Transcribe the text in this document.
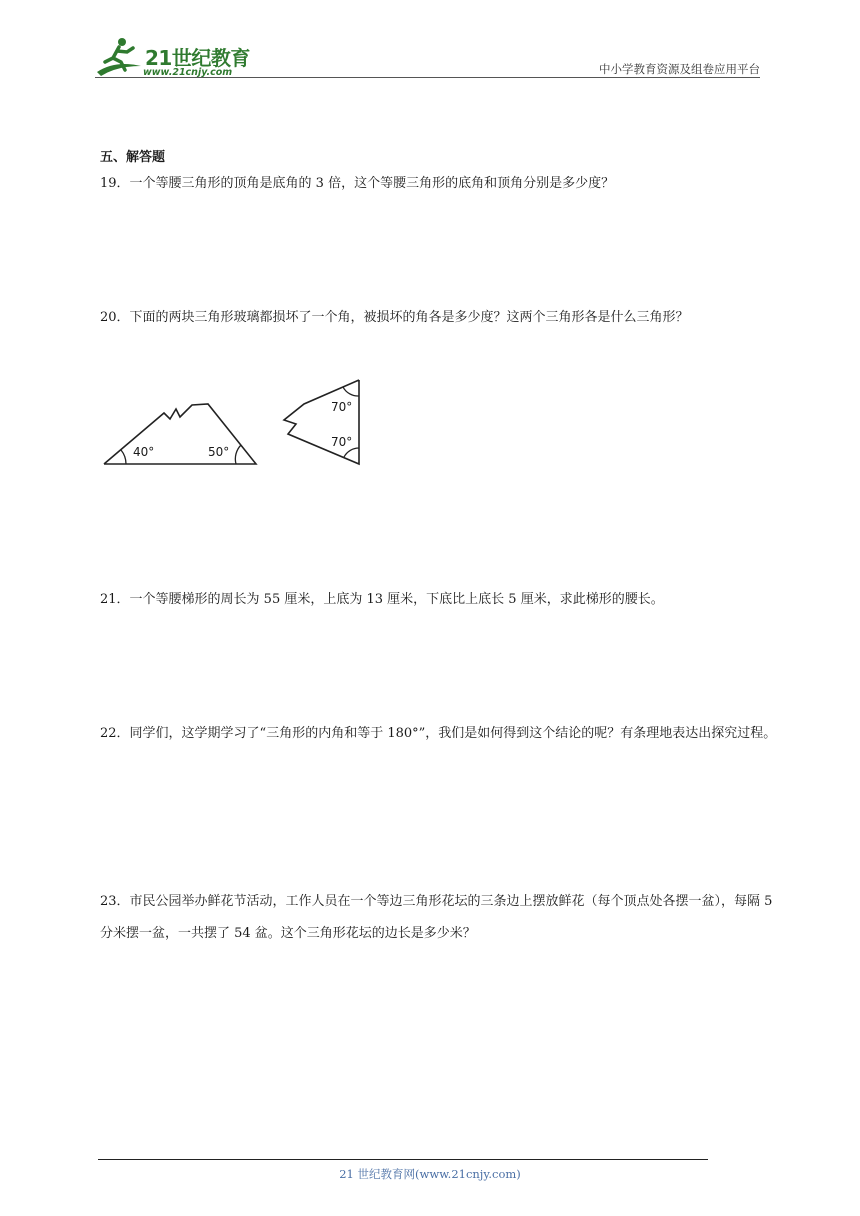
21世纪教育
www.21cnjy.com	中小学教育资源及组卷应用平台
五、解答题
19．一个等腰三角形的顶角是底角的 3 倍，这个等腰三角形的底角和顶角分别是多少度？
20．下面的两块三角形玻璃都损坏了一个角，被损坏的角各是多少度？这两个三角形各是什么三角形？
40°	50°
70°
70°
21．一个等腰梯形的周长为 55 厘米，上底为 13 厘米，下底比上底长 5 厘米，求此梯形的腰长。
22．同学们，这学期学习了“三角形的内角和等于 180°”，我们是如何得到这个结论的呢？有条理地表达出探究过程。
23．市民公园举办鲜花节活动，工作人员在一个等边三角形花坛的三条边上摆放鲜花（每个顶点处各摆一盆），每隔 5 分米摆一盆，一共摆了 54 盆。这个三角形花坛的边长是多少米？
21 世纪教育网(www.21cnjy.com)
